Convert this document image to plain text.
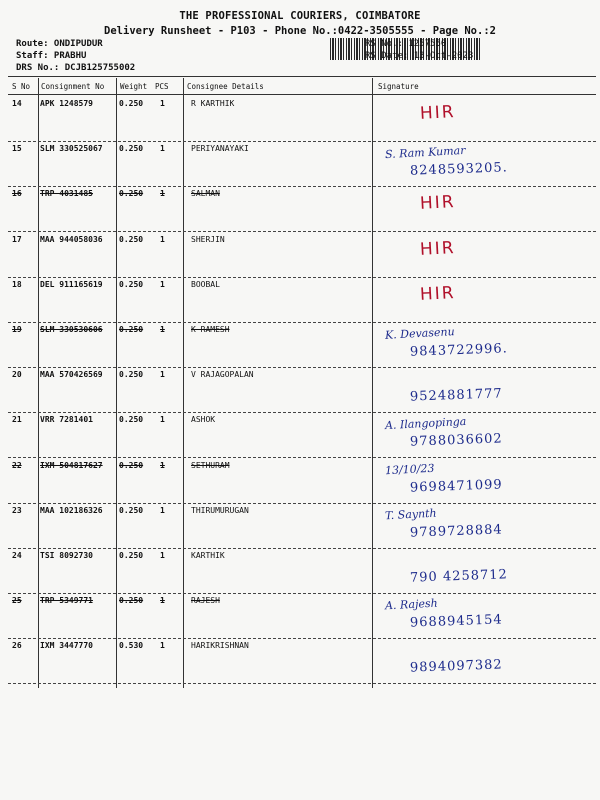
THE PROFESSIONAL COURIERS, COIMBATORE
Delivery Runsheet - P103 - Phone No.:0422-3505555 - Page No.:2
Route: ONDIPUDUR
Staff: PRABHU
DRS No.: DCJB125755002
RS No.: 1257550
RS Date: 13-Oct-2023
S No Consignment No Weight PCS Consignee Details	Signature
14 APK 1248579	0.250 1	R KARTHIK	HIR
15 SLM 330525067 0.250 1	PERIYANAYAKI	S. Ram Kumar
8248593205.
16 TRP 4031485	0.250 1	SALMAN	HIR
17 MAA 944058036 0.250 1	SHERJIN	HIR
18 DEL 911165619 0.250 1	BOOBAL	HIR
19 SLM 330530606 0.250 1	K RAMESH	K. Devasenu
9843722996.
20 MAA 570426569 0.250 1	V RAJAGOPALAN
9524881777
21 VRR 7281401	0.250 1	ASHOK	A. Ilangopinga
9788036602
22 IXM 504817627 0.250 1	SETHURAM	13/10/23
9698471099
23 MAA 102186326 0.250 1	THIRUMURUGAN	T. Saynth
9789728884
24 TSI 8092730	0.250 1	KARTHIK
790 4258712
25 TRP 5349771	0.250 1	RAJESH	A. Rajesh
9688945154
26 IXM 3447770	0.530 1	HARIKRISHNAN
9894097382
